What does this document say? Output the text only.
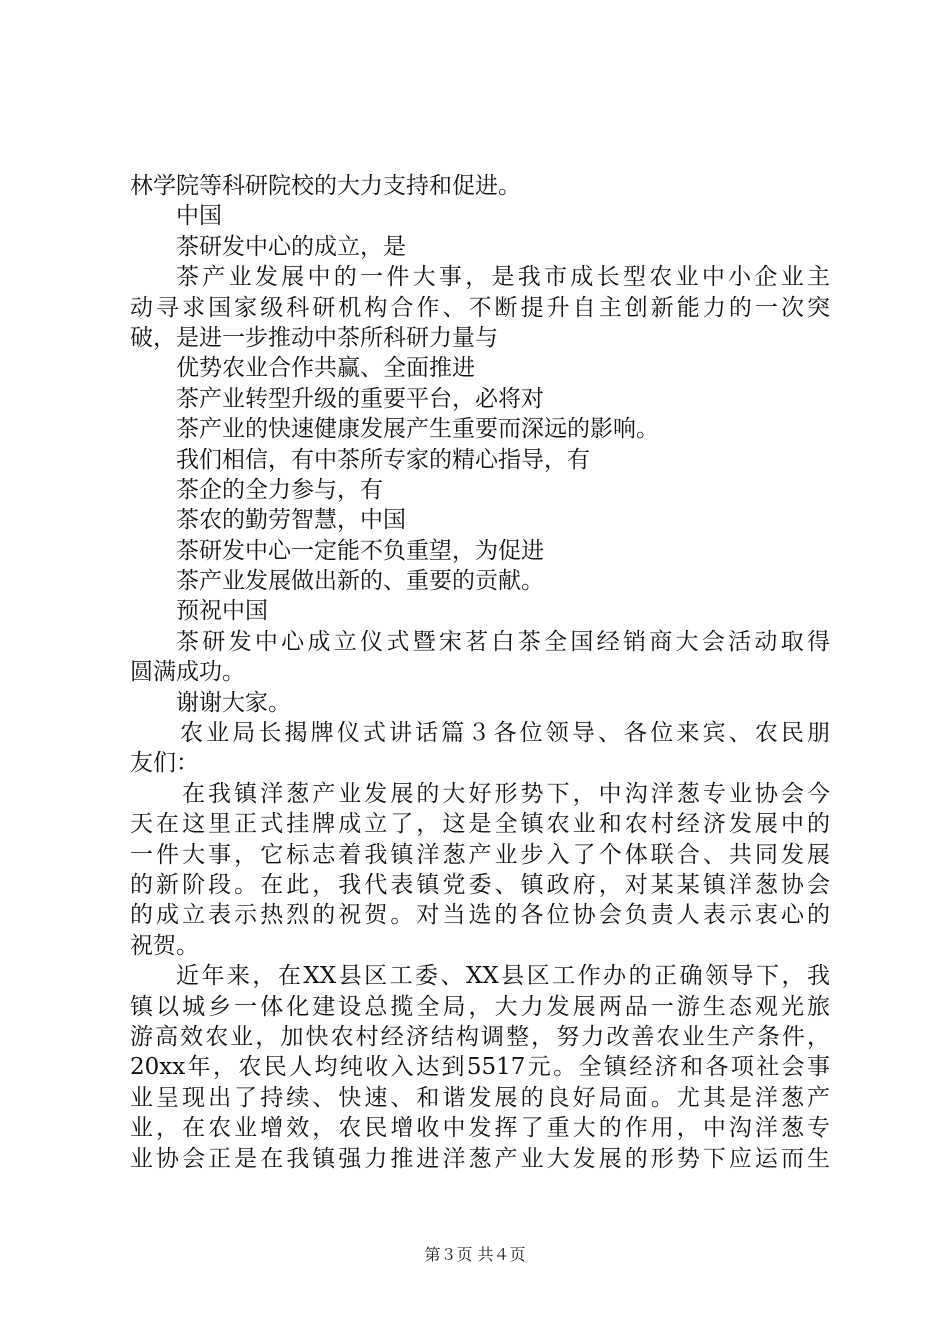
林学院等科研院校的大力支持和促进。
中国
茶研发中心的成立，是
茶产业发展中的一件大事，是我市成长型农业中小企业主
动寻求国家级科研机构合作、不断提升自主创新能力的一次突
破，是进一步推动中茶所科研力量与
优势农业合作共赢、全面推进
茶产业转型升级的重要平台，必将对
茶产业的快速健康发展产生重要而深远的影响。
我们相信，有中茶所专家的精心指导，有
茶企的全力参与，有
茶农的勤劳智慧，中国
茶研发中心一定能不负重望，为促进
茶产业发展做出新的、重要的贡献。
预祝中国
茶研发中心成立仪式暨宋茗白茶全国经销商大会活动取得
圆满成功。
谢谢大家。
农业局长揭牌仪式讲话篇３各位领导、各位来宾、农民朋
友们：
在我镇洋葱产业发展的大好形势下，中沟洋葱专业协会今
天在这里正式挂牌成立了，这是全镇农业和农村经济发展中的
一件大事，它标志着我镇洋葱产业步入了个体联合、共同发展
的新阶段。在此，我代表镇党委、镇政府，对某某镇洋葱协会
的成立表示热烈的祝贺。对当选的各位协会负责人表示衷心的
祝贺。
近年来，在XX县区工委、XX县区工作办的正确领导下，我
镇以城乡一体化建设总揽全局，大力发展两品一游生态观光旅
游高效农业，加快农村经济结构调整，努力改善农业生产条件，
20xx年，农民人均纯收入达到5517元。全镇经济和各项社会事
业呈现出了持续、快速、和谐发展的良好局面。尤其是洋葱产
业，在农业增效，农民增收中发挥了重大的作用，中沟洋葱专
业协会正是在我镇强力推进洋葱产业大发展的形势下应运而生
第３页 共４页
